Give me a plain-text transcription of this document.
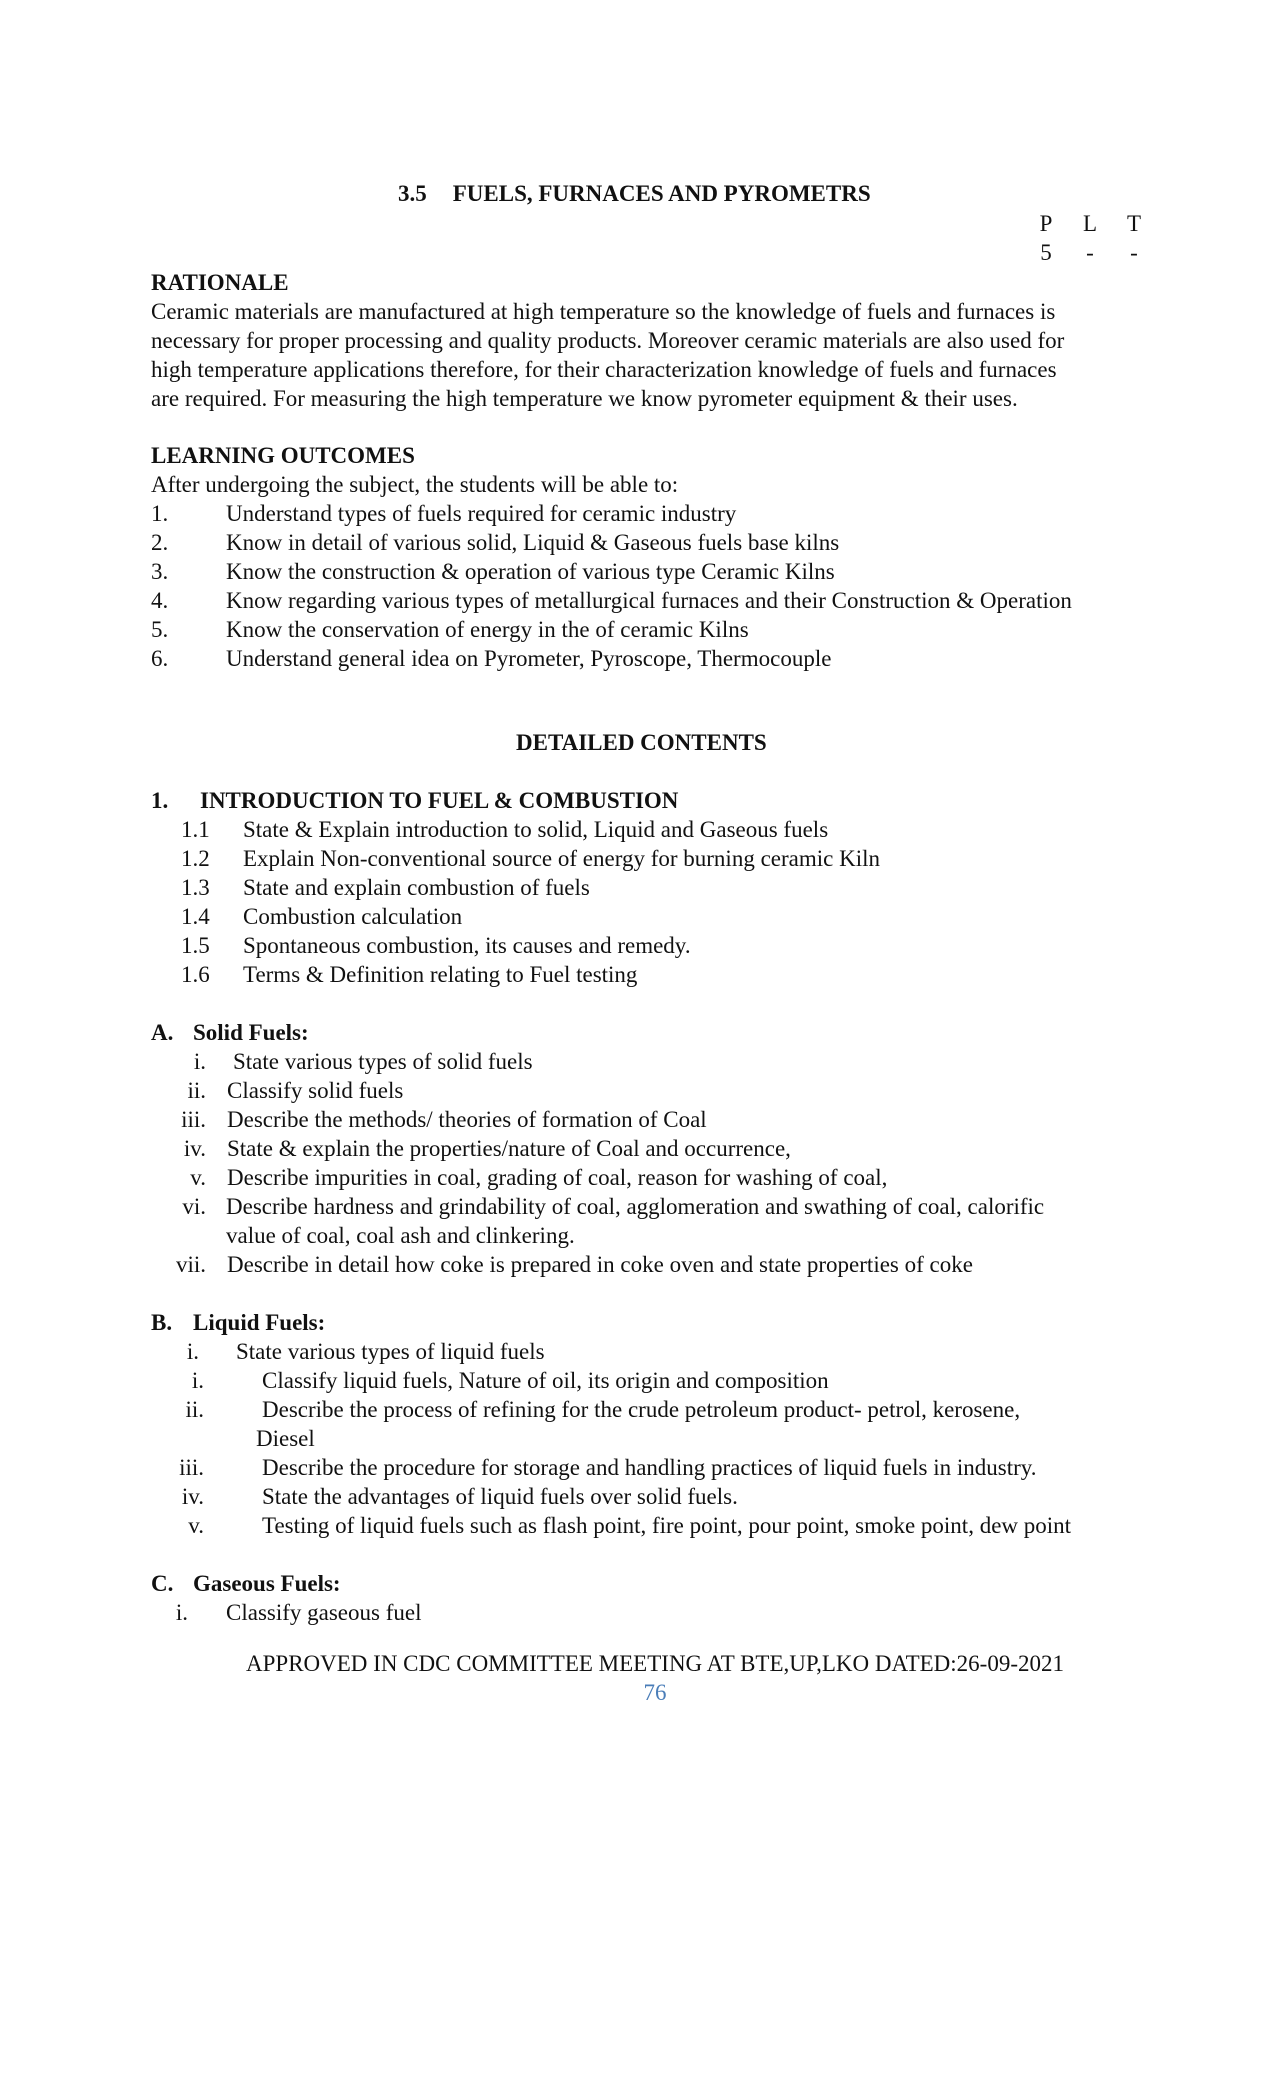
3.5 FUELS, FURNACES AND PYROMETRS
P L T
5 - -
RATIONALE
Ceramic materials are manufactured at high temperature so the knowledge of fuels and furnaces is
necessary for proper processing and quality products. Moreover ceramic materials are also used for
high temperature applications therefore, for their characterization knowledge of fuels and furnaces
are required. For measuring the high temperature we know pyrometer equipment & their uses.
LEARNING OUTCOMES
After undergoing the subject, the students will be able to:
1.	Understand types of fuels required for ceramic industry
2.	Know in detail of various solid, Liquid & Gaseous fuels base kilns
3.	Know the construction & operation of various type Ceramic Kilns
4.	Know regarding various types of metallurgical furnaces and their Construction & Operation
5.	Know the conservation of energy in the of ceramic Kilns
6.	Understand general idea on Pyrometer, Pyroscope, Thermocouple
DETAILED CONTENTS
1. INTRODUCTION TO FUEL & COMBUSTION
1.1 State & Explain introduction to solid, Liquid and Gaseous fuels
1.2 Explain Non-conventional source of energy for burning ceramic Kiln
1.3 State and explain combustion of fuels
1.4 Combustion calculation
1.5 Spontaneous combustion, its causes and remedy.
1.6 Terms & Definition relating to Fuel testing
A. Solid Fuels:
i. State various types of solid fuels
ii. Classify solid fuels
iii. Describe the methods/ theories of formation of Coal
iv. State & explain the properties/nature of Coal and occurrence,
v. Describe impurities in coal, grading of coal, reason for washing of coal,
vi. Describe hardness and grindability of coal, agglomeration and swathing of coal, calorific
value of coal, coal ash and clinkering.
vii. Describe in detail how coke is prepared in coke oven and state properties of coke
B. Liquid Fuels:
i. State various types of liquid fuels
i.	Classify liquid fuels, Nature of oil, its origin and composition
ii.	Describe the process of refining for the crude petroleum product- petrol, kerosene,
Diesel
iii.	Describe the procedure for storage and handling practices of liquid fuels in industry.
iv.	State the advantages of liquid fuels over solid fuels.
v.	Testing of liquid fuels such as flash point, fire point, pour point, smoke point, dew point
C. Gaseous Fuels:
i. Classify gaseous fuel
APPROVED IN CDC COMMITTEE MEETING AT BTE,UP,LKO DATED:26-09-2021
76
